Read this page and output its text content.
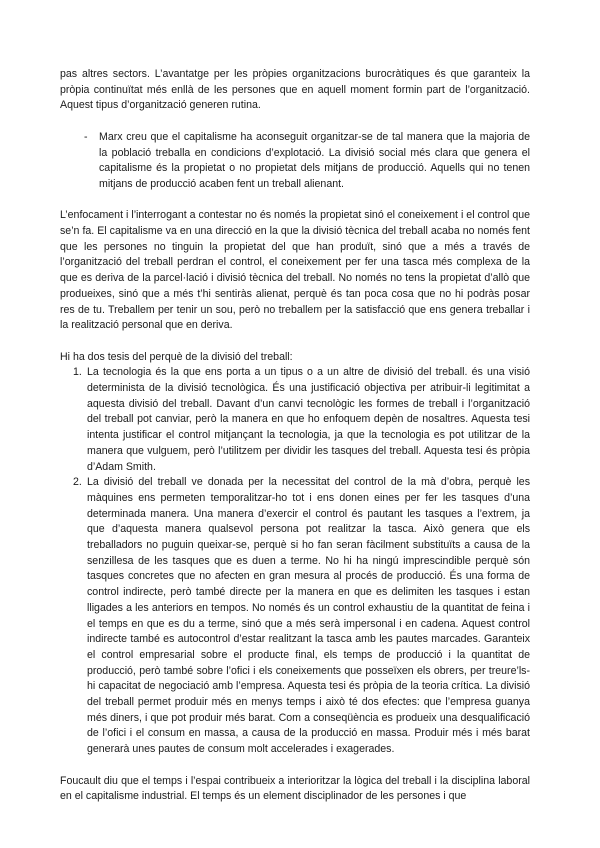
pas altres sectors. L’avantatge per les pròpies organitzacions burocràtiques és que garanteix la pròpia continuïtat més enllà de les persones que en aquell moment formin part de l’organització. Aquest tipus d’organització generen rutina.

- Marx creu que el capitalisme ha aconseguit organitzar-se de tal manera que la majoria de la població treballa en condicions d’explotació. La divisió social més clara que genera el capitalisme és la propietat o no propietat dels mitjans de producció. Aquells qui no tenen mitjans de producció acaben fent un treball alienant.

L’enfocament i l’interrogant a contestar no és només la propietat sinó el coneixement i el control que se’n fa. El capitalisme va en una direcció en la que la divisió tècnica del treball acaba no només fent que les persones no tinguin la propietat del que han produït, sinó que a més a través de l’organització del treball perdran el control, el coneixement per fer una tasca més complexa de la que es deriva de la parcel·lació i divisió tècnica del treball. No només no tens la propietat d’allò que produeixes, sinó que a més t’hi sentiràs alienat, perquè és tan poca cosa que no hi podràs posar res de tu. Treballem per tenir un sou, però no treballem per la satisfacció que ens genera treballar i la realització personal que en deriva.

Hi ha dos tesis del perquè de la divisió del treball:

1. La tecnologia és la que ens porta a un tipus o a un altre de divisió del treball. és una visió determinista de la divisió tecnològica. És una justificació objectiva per atribuir-li legitimitat a aquesta divisió del treball. Davant d’un canvi tecnològic les formes de treball i l’organització del treball pot canviar, però la manera en que ho enfoquem depèn de nosaltres. Aquesta tesi intenta justificar el control mitjançant la tecnologia, ja que la tecnologia es pot utilitzar de la manera que vulguem, però l’utilitzem per dividir les tasques del treball. Aquesta tesi és pròpia d’Adam Smith.
2. La divisió del treball ve donada per la necessitat del control de la mà d’obra, perquè les màquines ens permeten temporalitzar-ho tot i ens donen eines per fer les tasques d’una determinada manera. Una manera d’exercir el control és pautant les tasques a l’extrem, ja que d’aquesta manera qualsevol persona pot realitzar la tasca. Això genera que els treballadors no puguin queixar-se, perquè si ho fan seran fàcilment substituïts a causa de la senzillesa de les tasques que es duen a terme. No hi ha ningú imprescindible perquè són tasques concretes que no afecten en gran mesura al procés de producció. És una forma de control indirecte, però també directe per la manera en que es delimiten les tasques i estan lligades a les anteriors en tempos. No només és un control exhaustiu de la quantitat de feina i el temps en que es du a terme, sinó que a més serà impersonal i en cadena. Aquest control indirecte també es autocontrol d’estar realitzant la tasca amb les pautes marcades. Garanteix el control empresarial sobre el producte final, els temps de producció i la quantitat de producció, però també sobre l’ofici i els coneixements que posseïxen els obrers, per treure’ls-hi capacitat de negociació amb l’empresa. Aquesta tesi és pròpia de la teoria crítica. La divisió del treball permet produir més en menys temps i això té dos efectes: que l’empresa guanya més diners, i que pot produir més barat. Com a conseqüència es produeix una desqualificació de l’ofici i el consum en massa, a causa de la producció en massa. Produir més i més barat generarà unes pautes de consum molt accelerades i exagerades.

Foucault diu que el temps i l’espai contribueix a interioritzar la lògica del treball i la disciplina laboral en el capitalisme industrial. El temps és un element disciplinador de les persones i que
